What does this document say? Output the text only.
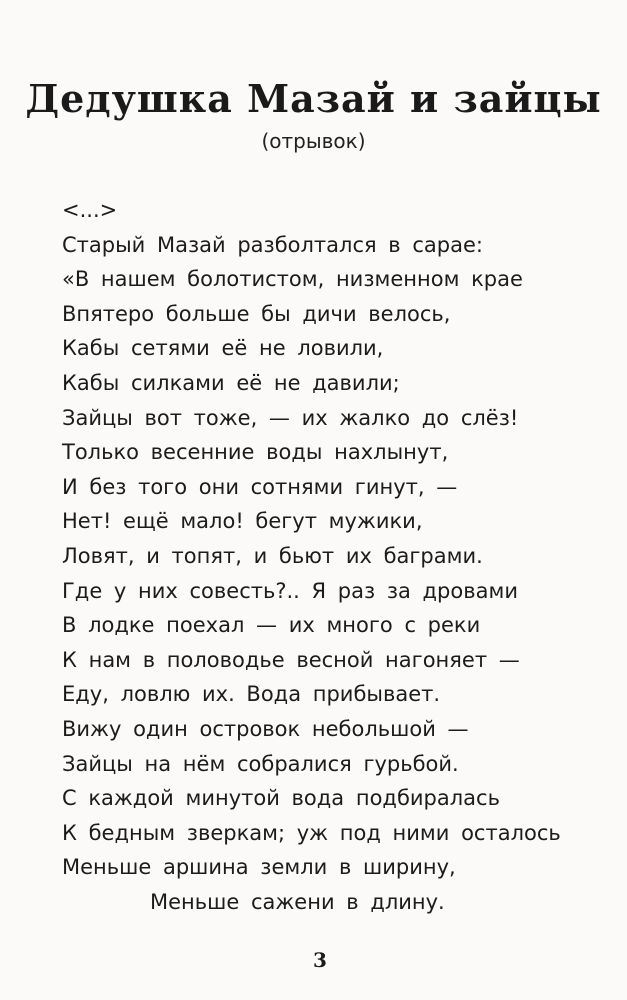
Дедушка Мазай и зайцы
(отрывок)
<...>
Старый Мазай разболтался в сарае:
«В нашем болотистом, низменном крае
Впятеро больше бы дичи велось,
Кабы сетями её не ловили,
Кабы силками её не давили;
Зайцы вот тоже, — их жалко до слёз!
Только весенние воды нахлынут,
И без того они сотнями гинут, —
Нет! ещё мало! бегут мужики,
Ловят, и топят, и бьют их баграми.
Где у них совесть?.. Я раз за дровами
В лодке поехал — их много с реки
К нам в половодье весной нагоняет —
Еду, ловлю их. Вода прибывает.
Вижу один островок небольшой —
Зайцы на нём собралися гурьбой.
С каждой минутой вода подбиралась
К бедным зверкам; уж под ними осталось
Меньше аршина земли в ширину,
Меньше сажени в длину.
3
